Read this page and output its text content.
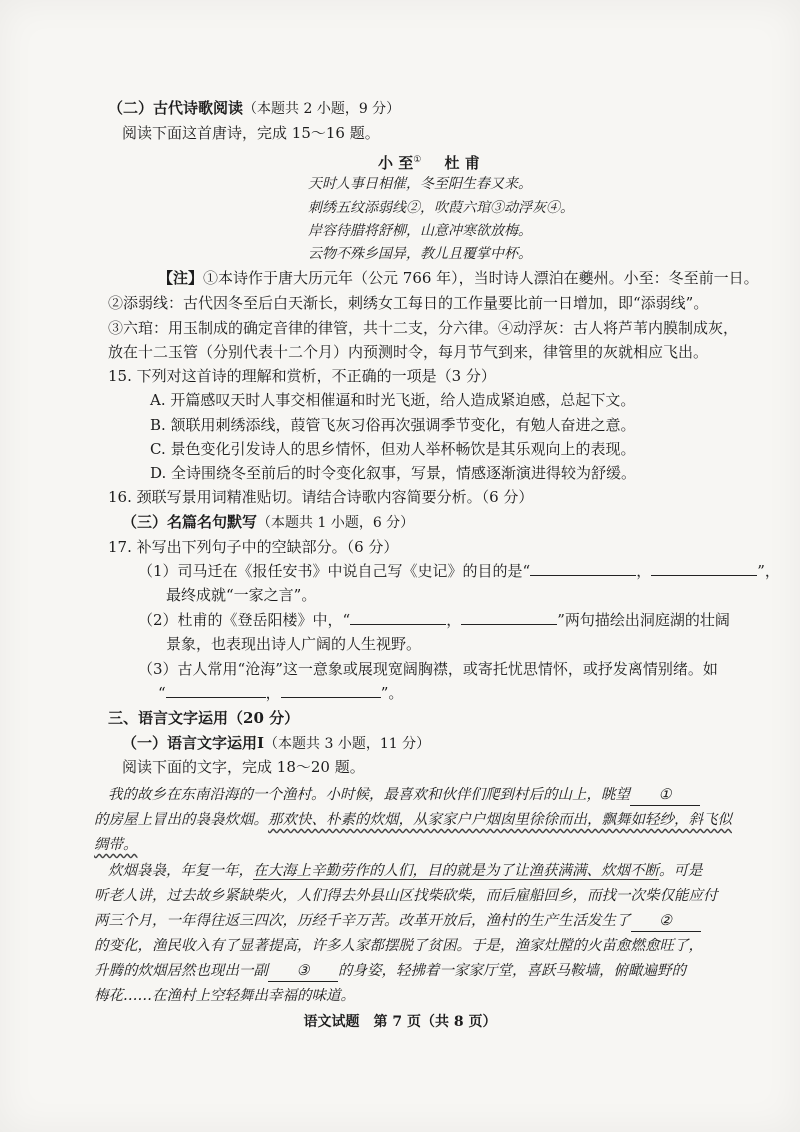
（二）古代诗歌阅读（本题共 2 小题，9 分）
阅读下面这首唐诗，完成 15～16 题。
小 至① 杜 甫
天时人事日相催，冬至阳生春又来。
刺绣五纹添弱线②，吹葭六琯③动浮灰④。
岸容待腊将舒柳，山意冲寒欲放梅。
云物不殊乡国异，教儿且覆掌中杯。
【注】①本诗作于唐大历元年（公元 766 年），当时诗人漂泊在夔州。小至：冬至前一日。
②添弱线：古代因冬至后白天渐长，刺绣女工每日的工作量要比前一日增加，即“添弱线”。
③六琯：用玉制成的确定音律的律管，共十二支，分六律。④动浮灰：古人将芦苇内膜制成灰，
放在十二玉管（分别代表十二个月）内预测时令，每月节气到来，律管里的灰就相应飞出。
15. 下列对这首诗的理解和赏析，不正确的一项是（3 分）
A. 开篇感叹天时人事交相催逼和时光飞逝，给人造成紧迫感，总起下文。
B. 颔联用刺绣添线，葭管飞灰习俗再次强调季节变化，有勉人奋进之意。
C. 景色变化引发诗人的思乡情怀，但劝人举杯畅饮是其乐观向上的表现。
D. 全诗围绕冬至前后的时令变化叙事，写景，情感逐渐演进得较为舒缓。
16. 颈联写景用词精准贴切。请结合诗歌内容简要分析。（6 分）
（三）名篇名句默写（本题共 1 小题，6 分）
17. 补写出下列句子中的空缺部分。（6 分）
（1）司马迁在《报任安书》中说自己写《史记》的目的是“	，	”，
最终成就“一家之言”。
（2）杜甫的《登岳阳楼》中，“	，	”两句描绘出洞庭湖的壮阔
景象，也表现出诗人广阔的人生视野。
（3）古人常用“沧海”这一意象或展现宽阔胸襟，或寄托忧思情怀，或抒发离情别绪。如
“	，	”。
三、语言文字运用（20 分）
（一）语言文字运用Ⅰ（本题共 3 小题，11 分）
阅读下面的文字，完成 18～20 题。
我的故乡在东南沿海的一个渔村。小时候，最喜欢和伙伴们爬到村后的山上，眺望 ①
的房屋上冒出的袅袅炊烟。那欢快、朴素的炊烟，从家家户户烟囱里徐徐而出，飘舞如轻纱，斜飞似
绸带。
炊烟袅袅，年复一年，在大海上辛勤劳作的人们，目的就是为了让渔获满满、炊烟不断。可是
听老人讲，过去故乡紧缺柴火，人们得去外县山区找柴砍柴，而后雇船回乡，而找一次柴仅能应付
两三个月，一年得往返三四次，历经千辛万苦。改革开放后，渔村的生产生活发生了 ②
的变化，渔民收入有了显著提高，许多人家都摆脱了贫困。于是，渔家灶膛的火苗愈燃愈旺了，
升腾的炊烟居然也现出一副 ③ 的身姿，轻拂着一家家厅堂，喜跃马鞍墙，俯瞰遍野的
梅花……在渔村上空轻舞出幸福的味道。
语文试题　第 7 页（共 8 页）
